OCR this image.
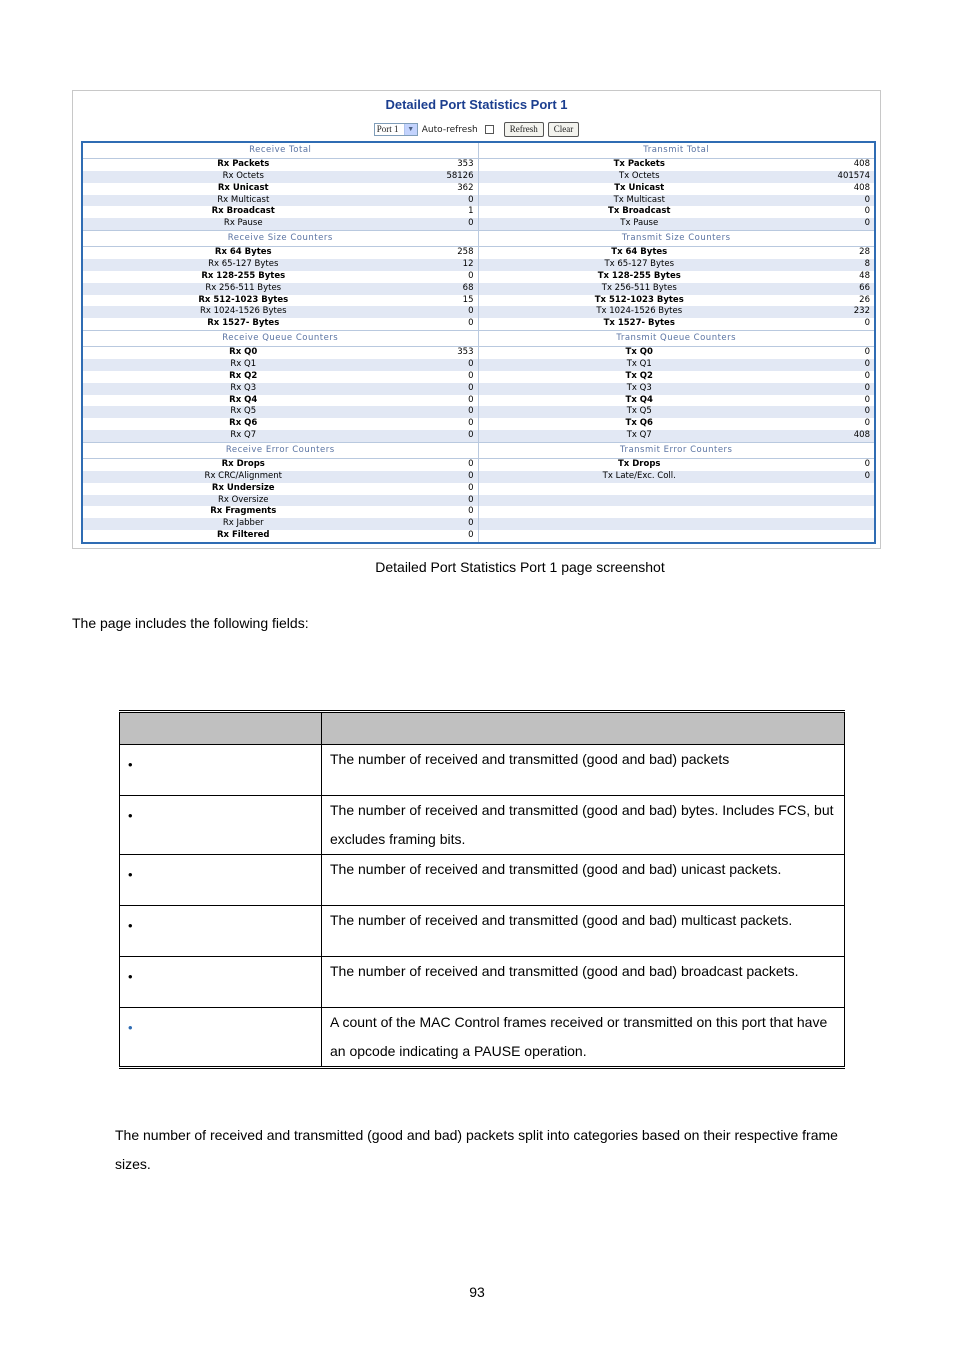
Detailed Port Statistics Port 1
Port 1	▼ Auto-refresh	Refresh	Clear
Receive Total	Transmit Total
Rx Packets	353	Tx Packets	408
Rx Octets	58126	Tx Octets	401574
Rx Unicast	362	Tx Unicast	408
Rx Multicast	0	Tx Multicast	0
Rx Broadcast	1	Tx Broadcast	0
Rx Pause	0	Tx Pause	0
Receive Size Counters	Transmit Size Counters
Rx 64 Bytes	258	Tx 64 Bytes	28
Rx 65-127 Bytes	12	Tx 65-127 Bytes	8
Rx 128-255 Bytes	0	Tx 128-255 Bytes	48
Rx 256-511 Bytes	68	Tx 256-511 Bytes	66
Rx 512-1023 Bytes	15	Tx 512-1023 Bytes	26
Rx 1024-1526 Bytes	0	Tx 1024-1526 Bytes	232
Rx 1527- Bytes	0	Tx 1527- Bytes	0
Receive Queue Counters	Transmit Queue Counters
Rx Q0	353	Tx Q0	0
Rx Q1	0	Tx Q1	0
Rx Q2	0	Tx Q2	0
Rx Q3	0	Tx Q3	0
Rx Q4	0	Tx Q4	0
Rx Q5	0	Tx Q5	0
Rx Q6	0	Tx Q6	0
Rx Q7	0	Tx Q7	408
Receive Error Counters	Transmit Error Counters
Rx Drops	0	Tx Drops	0
Rx CRC/Alignment	0	Tx Late/Exc. Coll.	0
Rx Undersize	0
Rx Oversize	0
Rx Fragments	0
Rx Jabber	0
Rx Filtered	0
Detailed Port Statistics Port 1 page screenshot
The page includes the following fields:

•	The number of received and transmitted (good and bad) packets
•	The number of received and transmitted (good and bad) bytes. Includes FCS, but excludes framing bits.
•	The number of received and transmitted (good and bad) unicast packets.
•	The number of received and transmitted (good and bad) multicast packets.
•	The number of received and transmitted (good and bad) broadcast packets.
•	A count of the MAC Control frames received or transmitted on this port that have an opcode indicating a PAUSE operation.
The number of received and transmitted (good and bad) packets split into categories based on their respective frame sizes.
93
